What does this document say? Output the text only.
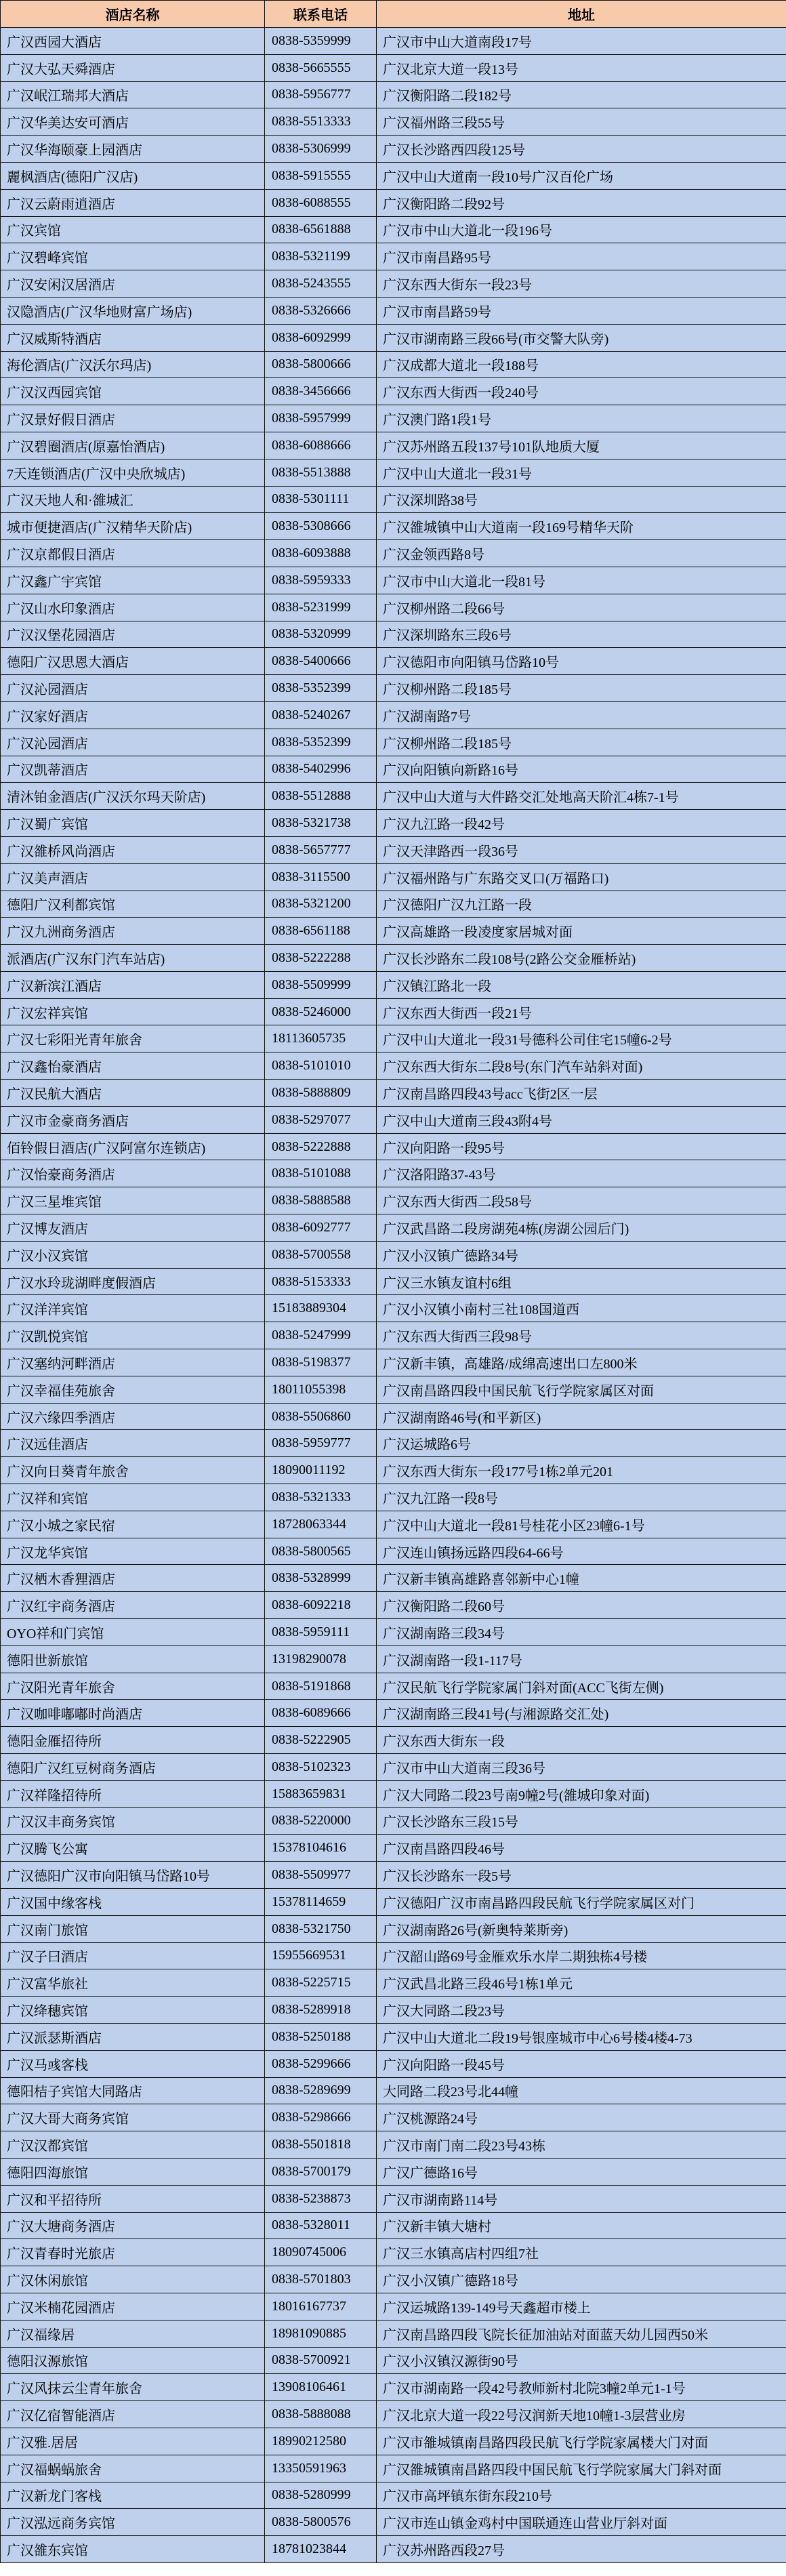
酒店名称	联系电话	地址
广汉西园大酒店	0838-5359999	广汉市中山大道南段17号
广汉大弘天舜酒店	0838-5665555	广汉北京大道一段13号
广汉岷江瑞邦大酒店	0838-5956777	广汉衡阳路二段182号
广汉华美达安可酒店	0838-5513333	广汉福州路三段55号
广汉华海颐豪上园酒店	0838-5306999	广汉长沙路西四段125号
麗枫酒店(德阳广汉店)	0838-5915555	广汉中山大道南一段10号广汉百伦广场
广汉云蔚雨逍酒店	0838-6088555	广汉衡阳路二段92号
广汉宾馆	0838-6561888	广汉市中山大道北一段196号
广汉碧峰宾馆	0838-5321199	广汉市南昌路95号
广汉安闲汉居酒店	0838-5243555	广汉东西大街东一段23号
汉隐酒店(广汉华地财富广场店)	0838-5326666	广汉市南昌路59号
广汉威斯特酒店	0838-6092999	广汉市湖南路三段66号(市交警大队旁)
海伦酒店(广汉沃尔玛店)	0838-5800666	广汉成都大道北一段188号
广汉汉西园宾馆	0838-3456666	广汉东西大街西一段240号
广汉景好假日酒店	0838-5957999	广汉澳门路1段1号
广汉碧圈酒店(原嘉怡酒店)	0838-6088666	广汉苏州路五段137号101队地质大厦
7天连锁酒店(广汉中央欣城店)	0838-5513888	广汉中山大道北一段31号
广汉天地人和·雒城汇	0838-5301111	广汉深圳路38号
城市便捷酒店(广汉精华天阶店)	0838-5308666	广汉雒城镇中山大道南一段169号精华天阶
广汉京都假日酒店	0838-6093888	广汉金领西路8号
广汉鑫广宇宾馆	0838-5959333	广汉市中山大道北一段81号
广汉山水印象酒店	0838-5231999	广汉柳州路二段66号
广汉汉堡花园酒店	0838-5320999	广汉深圳路东三段6号
德阳广汉思恩大酒店	0838-5400666	广汉德阳市向阳镇马岱路10号
广汉沁园酒店	0838-5352399	广汉柳州路二段185号
广汉家好酒店	0838-5240267	广汉湖南路7号
广汉沁园酒店	0838-5352399	广汉柳州路二段185号
广汉凯蒂酒店	0838-5402996	广汉向阳镇向新路16号
清沐铂金酒店(广汉沃尔玛天阶店)	0838-5512888	广汉中山大道与大件路交汇处地高天阶汇4栋7-1号
广汉蜀广宾馆	0838-5321738	广汉九江路一段42号
广汉雒桥风尚酒店	0838-5657777	广汉天津路西一段36号
广汉美声酒店	0838-3115500	广汉福州路与广东路交叉口(万福路口)
德阳广汉利都宾馆	0838-5321200	广汉德阳广汉九江路一段
广汉九洲商务酒店	0838-6561188	广汉高雄路一段凌度家居城对面
派酒店(广汉东门汽车站店)	0838-5222288	广汉长沙路东二段108号(2路公交金雁桥站)
广汉新滨江酒店	0838-5509999	广汉镇江路北一段
广汉宏祥宾馆	0838-5246000	广汉东西大街西一段21号
广汉七彩阳光青年旅舍	18113605735	广汉中山大道北一段31号德科公司住宅15幢6-2号
广汉鑫怡豪酒店	0838-5101010	广汉东西大街东二段8号(东门汽车站斜对面)
广汉民航大酒店	0838-5888809	广汉南昌路四段43号acc飞街2区一层
广汉市金豪商务酒店	0838-5297077	广汉中山大道南三段43附4号
佰铃假日酒店(广汉阿富尔连锁店)	0838-5222888	广汉向阳路一段95号
广汉怡豪商务酒店	0838-5101088	广汉洛阳路37-43号
广汉三星堆宾馆	0838-5888588	广汉东西大街西二段58号
广汉博友酒店	0838-6092777	广汉武昌路二段房湖苑4栋(房湖公园后门)
广汉小汉宾馆	0838-5700558	广汉小汉镇广德路34号
广汉水玲珑湖畔度假酒店	0838-5153333	广汉三水镇友谊村6组
广汉洋洋宾馆	15183889304	广汉小汉镇小南村三社108国道西
广汉凯悦宾馆	0838-5247999	广汉东西大街西三段98号
广汉塞纳河畔酒店	0838-5198377	广汉新丰镇，高雄路/成绵高速出口左800米
广汉幸福佳苑旅舍	18011055398	广汉南昌路四段中国民航飞行学院家属区对面
广汉六缘四季酒店	0838-5506860	广汉湖南路46号(和平新区)
广汉远佳酒店	0838-5959777	广汉运城路6号
广汉向日葵青年旅舍	18090011192	广汉东西大街东一段177号1栋2单元201
广汉祥和宾馆	0838-5321333	广汉九江路一段8号
广汉小城之家民宿	18728063344	广汉中山大道北一段81号桂花小区23幢6-1号
广汉龙华宾馆	0838-5800565	广汉连山镇扬远路四段64-66号
广汉栖木香狸酒店	0838-5328999	广汉新丰镇高雄路喜邻新中心1幢
广汉红宇商务酒店	0838-6092218	广汉衡阳路二段60号
OYO祥和门宾馆	0838-5959111	广汉湖南路三段34号
德阳世新旅馆	13198290078	广汉湖南路一段1-117号
广汉阳光青年旅舍	0838-5191868	广汉民航飞行学院家属门斜对面(ACC飞街左侧)
广汉咖啡嘟嘟时尚酒店	0838-6089666	广汉湖南路三段41号(与湘源路交汇处)
德阳金雁招待所	0838-5222905	广汉东西大街东一段
德阳广汉红豆树商务酒店	0838-5102323	广汉市中山大道南三段36号
广汉祥隆招待所	15883659831	广汉大同路二段23号南9幢2号(雒城印象对面)
广汉汉丰商务宾馆	0838-5220000	广汉长沙路东三段15号
广汉腾飞公寓	15378104616	广汉南昌路四段46号
广汉德阳广汉市向阳镇马岱路10号	0838-5509977	广汉长沙路东一段5号
广汉国中缘客栈	15378114659	广汉德阳广汉市南昌路四段民航飞行学院家属区对门
广汉南门旅馆	0838-5321750	广汉湖南路26号(新奥特莱斯旁)
广汉子曰酒店	15955669531	广汉韶山路69号金雁欢乐水岸二期独栋4号楼
广汉富华旅社	0838-5225715	广汉武昌北路三段46号1栋1单元
广汉绛穗宾馆	0838-5289918	广汉大同路二段23号
广汉派瑟斯酒店	0838-5250188	广汉中山大道北二段19号银座城市中心6号楼4楼4-73
广汉马彧客栈	0838-5299666	广汉向阳路一段45号
德阳桔子宾馆大同路店	0838-5289699	大同路二段23号北44幢
广汉大哥大商务宾馆	0838-5298666	广汉桃源路24号
广汉汉都宾馆	0838-5501818	广汉市南门南二段23号43栋
德阳四海旅馆	0838-5700179	广汉广德路16号
广汉和平招待所	0838-5238873	广汉市湖南路114号
广汉大塘商务酒店	0838-5328011	广汉新丰镇大塘村
广汉青春时光旅店	18090745006	广汉三水镇高店村四组7社
广汉休闲旅馆	0838-5701803	广汉小汉镇广德路18号
广汉米楠花园酒店	18016167737	广汉运城路139-149号天鑫超市楼上
广汉福缘居	18981090885	广汉南昌路四段飞院长征加油站对面蓝天幼儿园西50米
德阳汉源旅馆	0838-5700921	广汉小汉镇汉源街90号
广汉风抹云尘青年旅舍	13908106461	广汉市湖南路一段42号教师新村北院3幢2单元1-1号
广汉亿宿智能酒店	0838-5888088	广汉北京大道一段22号汉润新天地10幢1-3层营业房
广汉雅.居居	18990212580	广汉市雒城镇南昌路四段民航飞行学院家属楼大门对面
广汉福蜗蜗旅舍	13350591963	广汉雒城镇南昌路四段中国民航飞行学院家属大门斜对面
广汉新龙门客栈	0838-5280999	广汉市高坪镇东街东段210号
广汉泓远商务宾馆	0838-5800576	广汉市连山镇金鸡村中国联通连山营业厅斜对面
广汉雒东宾馆	18781023844	广汉苏州路西段27号
